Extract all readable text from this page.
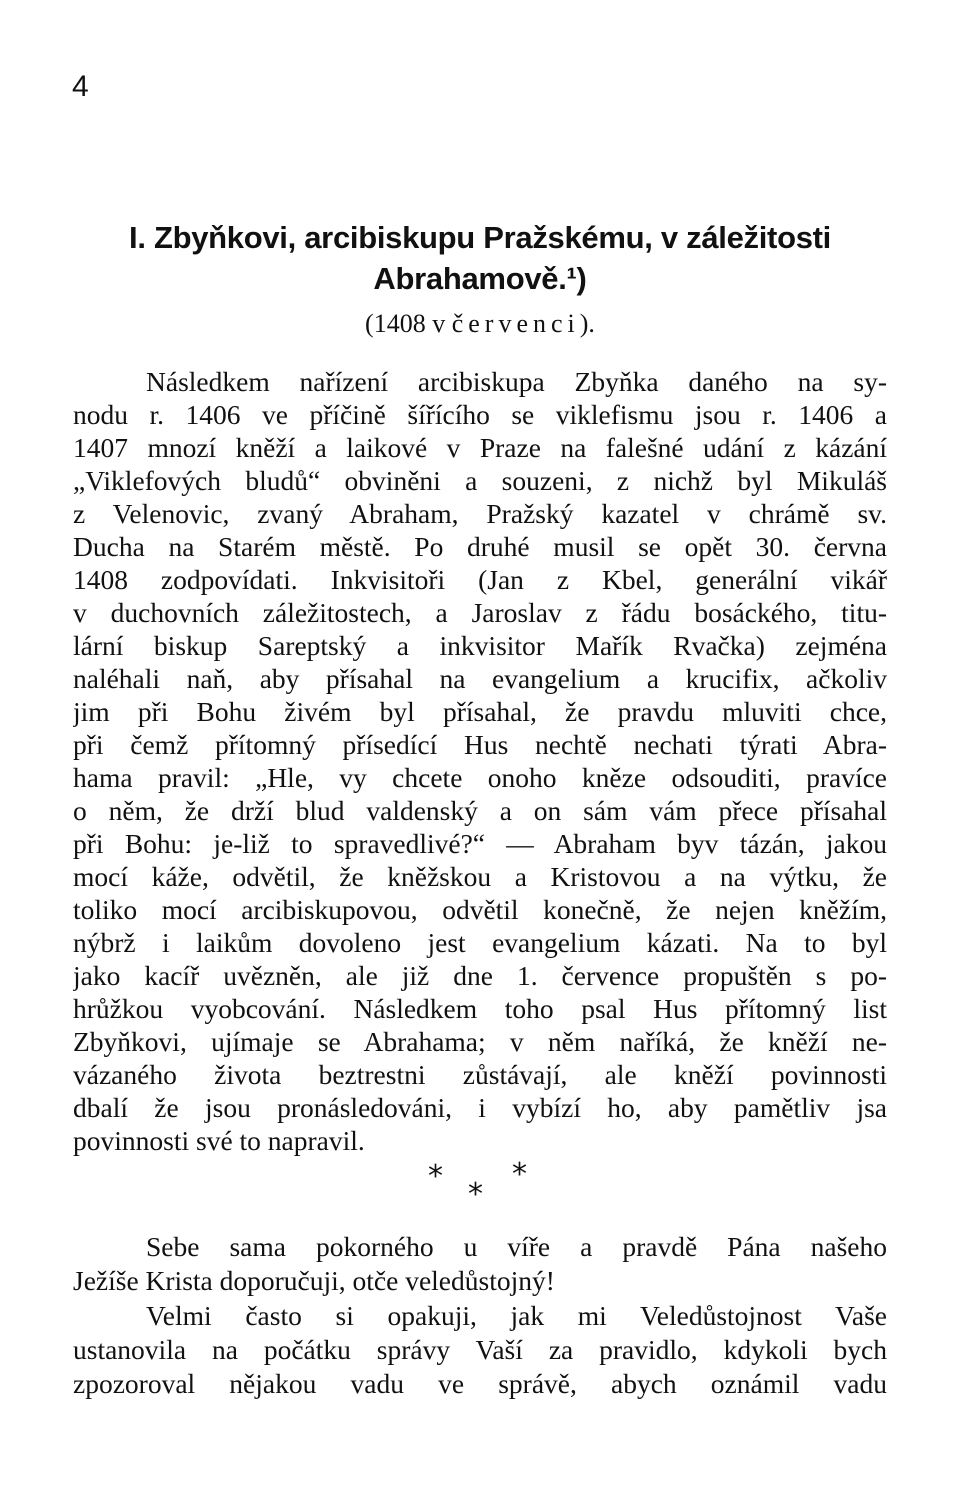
4
I. Zbyňkovi, arcibiskupu Pražskému, v záležitosti
Abrahamově.¹)
(1408 v červenci).
Následkem nařízení arcibiskupa Zbyňka daného na sy-
nodu r. 1406 ve příčině šířícího se viklefismu jsou r. 1406 a
1407 mnozí kněží a laikové v Praze na falešné udání z kázání
„Viklefových bludů“ obviněni a souzeni, z nichž byl Mikuláš
z Velenovic, zvaný Abraham, Pražský kazatel v chrámě sv.
Ducha na Starém městě. Po druhé musil se opět 30. června
1408 zodpovídati. Inkvisitoři (Jan z Kbel, generální vikář
v duchovních záležitostech, a Jaroslav z řádu bosáckého, titu-
lární biskup Sareptský a inkvisitor Mařík Rvačka) zejména
naléhali naň, aby přísahal na evangelium a krucifix, ačkoliv
jim při Bohu živém byl přísahal, že pravdu mluviti chce,
při čemž přítomný přísedící Hus nechtě nechati týrati Abra-
hama pravil: „Hle, vy chcete onoho kněze odsouditi, pravíce
o něm, že drží blud valdenský a on sám vám přece přísahal
při Bohu: je-liž to spravedlivé?“ — Abraham byv tázán, jakou
mocí káže, odvětil, že kněžskou a Kristovou a na výtku, že
toliko mocí arcibiskupovou, odvětil konečně, že nejen kněžím,
nýbrž i laikům dovoleno jest evangelium kázati. Na to byl
jako kacíř uvězněn, ale již dne 1. července propuštěn s po-
hrůžkou vyobcování. Následkem toho psal Hus přítomný list
Zbyňkovi, ujímaje se Abrahama; v něm naříká, že kněží ne-
vázaného života beztrestni zůstávají, ale kněží povinnosti
dbalí že jsou pronásledováni, i vybízí ho, aby pamětliv jsa
povinnosti své to napravil.
*
*
*
Sebe sama pokorného u víře a pravdě Pána našeho
Ježíše Krista doporučuji, otče veledůstojný!
Velmi často si opakuji, jak mi Veledůstojnost Vaše
ustanovila na počátku správy Vaší za pravidlo, kdykoli bych
zpozoroval nějakou vadu ve správě, abych oznámil vadu
